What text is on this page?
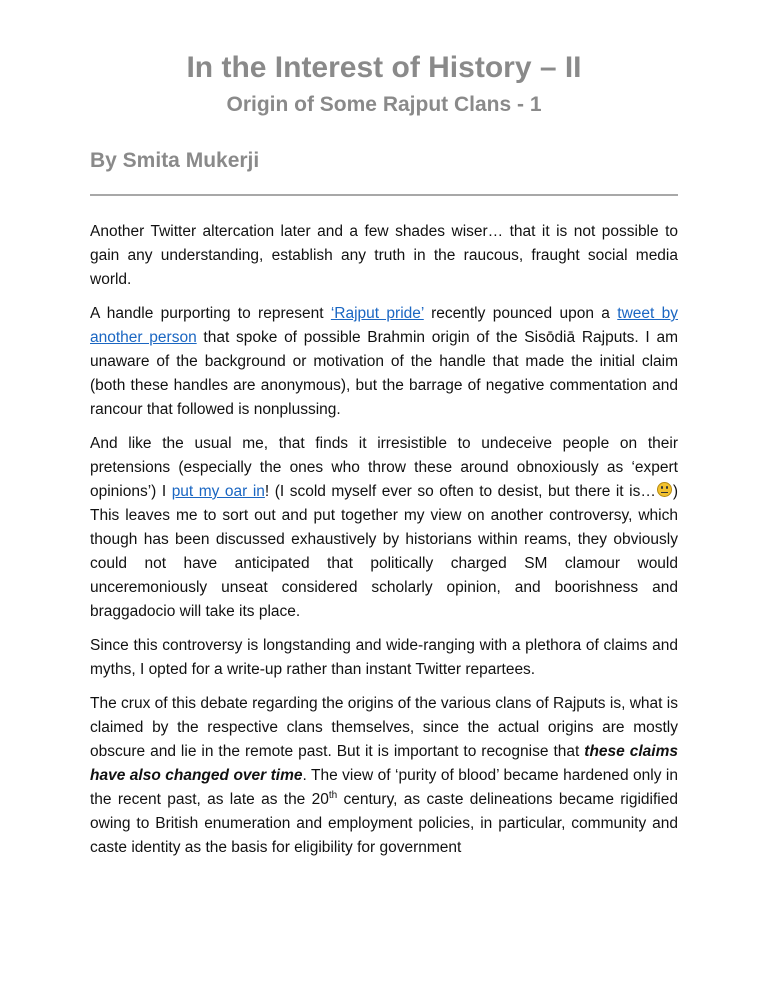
In the Interest of History – II
Origin of Some Rajput Clans - 1
By Smita Mukerji

Another Twitter altercation later and a few shades wiser… that it is not possible to gain any understanding, establish any truth in the raucous, fraught social media world.

A handle purporting to represent ‘Rajput pride’ recently pounced upon a tweet by another person that spoke of possible Brahmin origin of the Sisōdiā Rajputs. I am unaware of the background or motivation of the handle that made the initial claim (both these handles are anonymous), but the barrage of negative commentation and rancour that followed is nonplussing.

And like the usual me, that finds it irresistible to undeceive people on their pretensions (especially the ones who throw these around obnoxiously as ‘expert opinions’) I put my oar in! (I scold myself ever so often to desist, but there it is… ) This leaves me to sort out and put together my view on another controversy, which though has been discussed exhaustively by historians within reams, they obviously could not have anticipated that politically charged SM clamour would unceremoniously unseat considered scholarly opinion, and boorishness and braggadocio will take its place.

Since this controversy is longstanding and wide-ranging with a plethora of claims and myths, I opted for a write-up rather than instant Twitter repartees.

The crux of this debate regarding the origins of the various clans of Rajputs is, what is claimed by the respective clans themselves, since the actual origins are mostly obscure and lie in the remote past. But it is important to recognise that these claims have also changed over time. The view of ‘purity of blood’ became hardened only in the recent past, as late as the 20th century, as caste delineations became rigidified owing to British enumeration and employment policies, in particular, community and caste identity as the basis for eligibility for government
